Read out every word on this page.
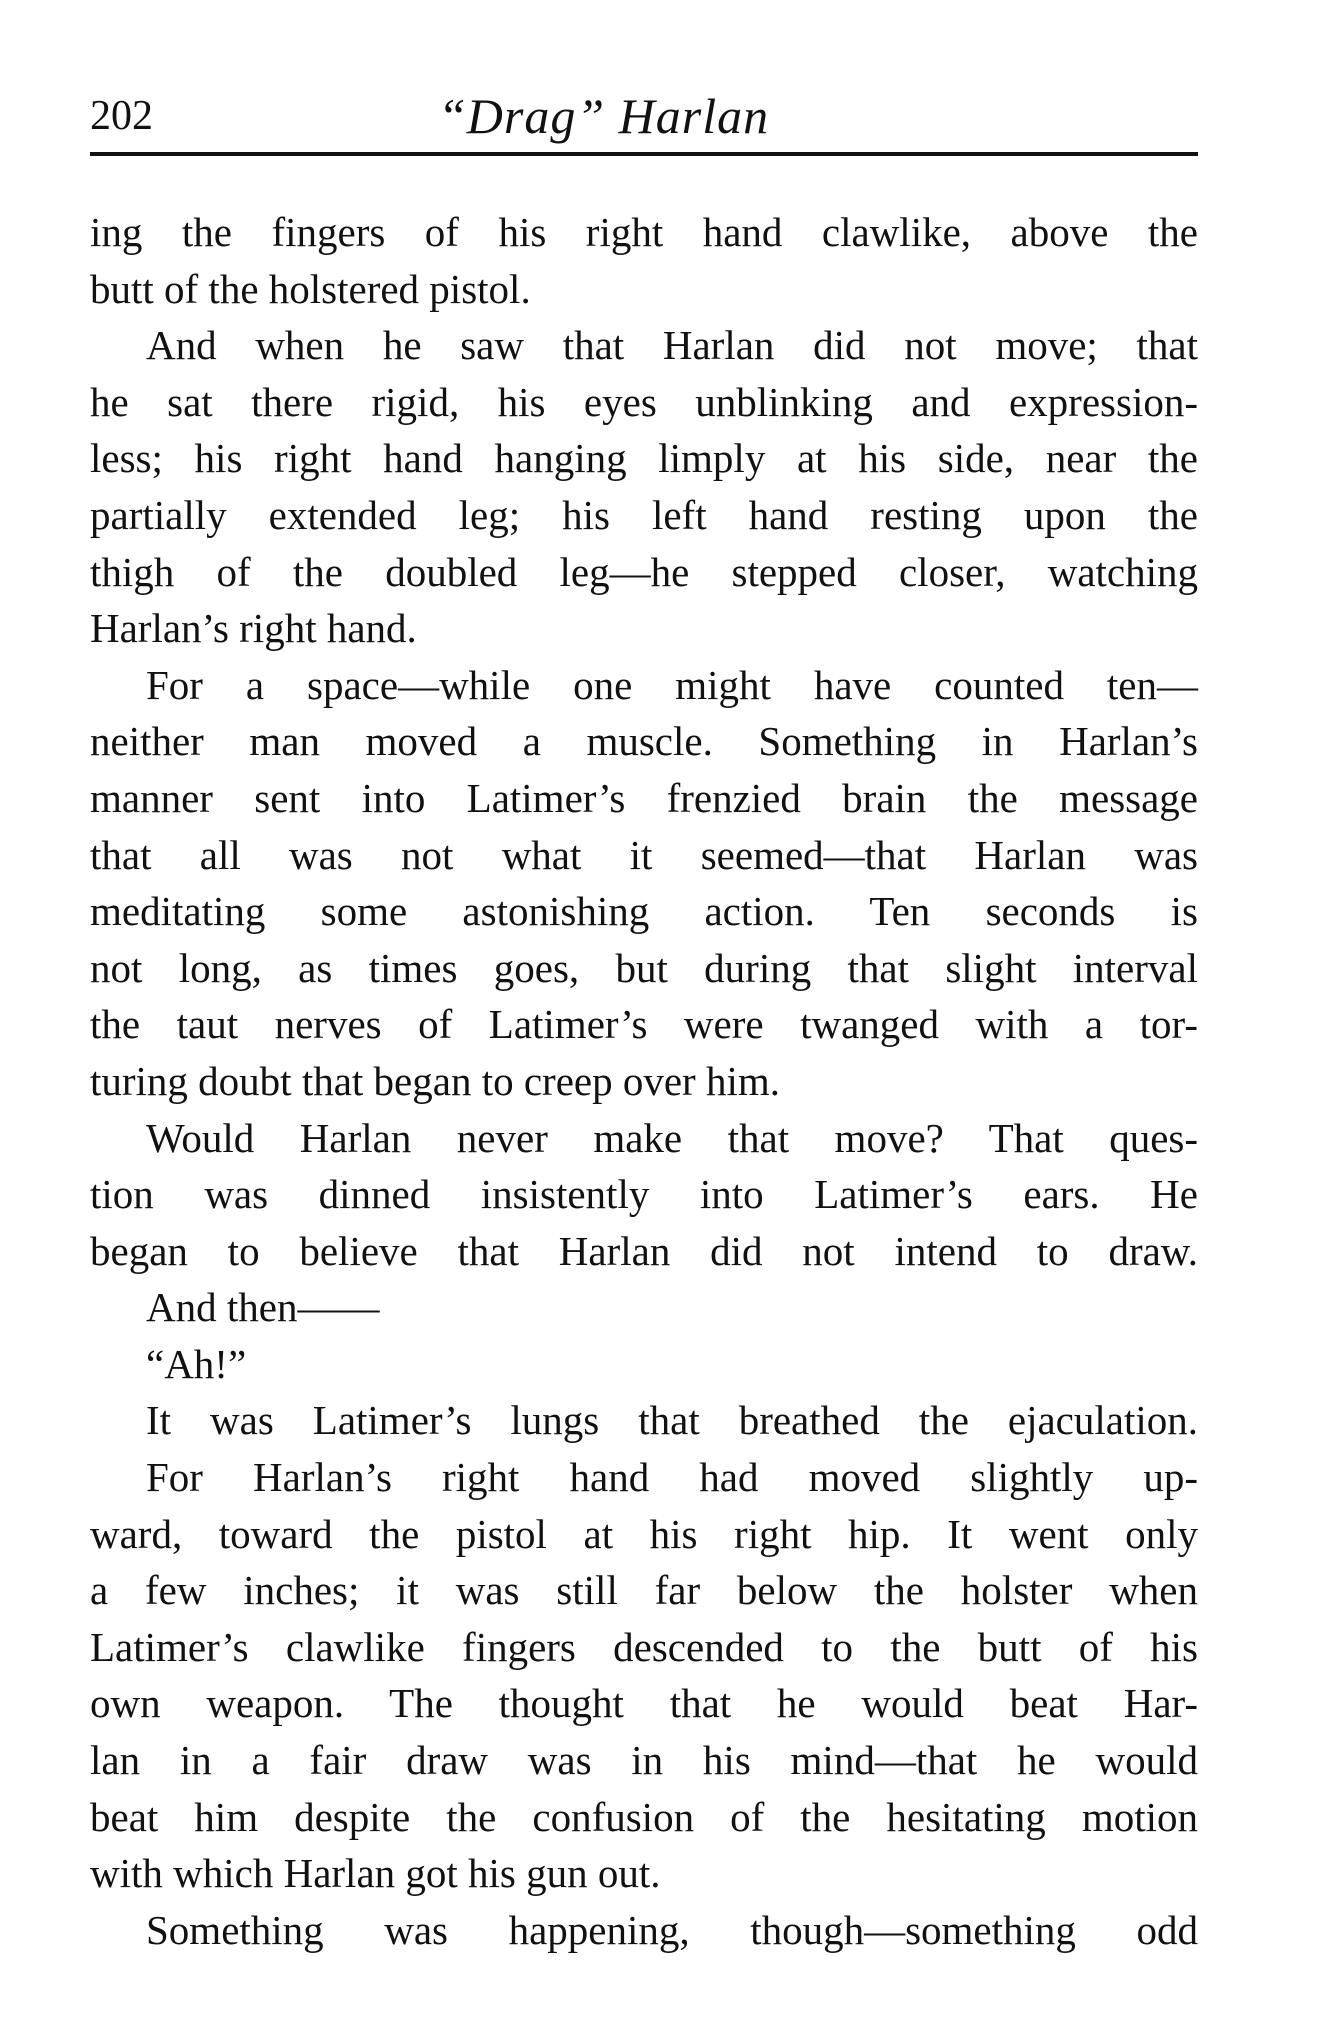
202	“Drag” Harlan
ing the fingers of his right hand clawlike, above the
butt of the holstered pistol.
And when he saw that Harlan did not move; that
he sat there rigid, his eyes unblinking and expression-
less; his right hand hanging limply at his side, near the
partially extended leg; his left hand resting upon the
thigh of the doubled leg—he stepped closer, watching
Harlan’s right hand.
For a space—while one might have counted ten—
neither man moved a muscle. Something in Harlan’s
manner sent into Latimer’s frenzied brain the message
that all was not what it seemed—that Harlan was
meditating some astonishing action. Ten seconds is
not long, as times goes, but during that slight interval
the taut nerves of Latimer’s were twanged with a tor-
turing doubt that began to creep over him.
Would Harlan never make that move? That ques-
tion was dinned insistently into Latimer’s ears. He
began to believe that Harlan did not intend to draw.
And then——
“Ah!”
It was Latimer’s lungs that breathed the ejaculation.
For Harlan’s right hand had moved slightly up-
ward, toward the pistol at his right hip. It went only
a few inches; it was still far below the holster when
Latimer’s clawlike fingers descended to the butt of his
own weapon. The thought that he would beat Har-
lan in a fair draw was in his mind—that he would
beat him despite the confusion of the hesitating motion
with which Harlan got his gun out.
Something was happening, though—something odd
